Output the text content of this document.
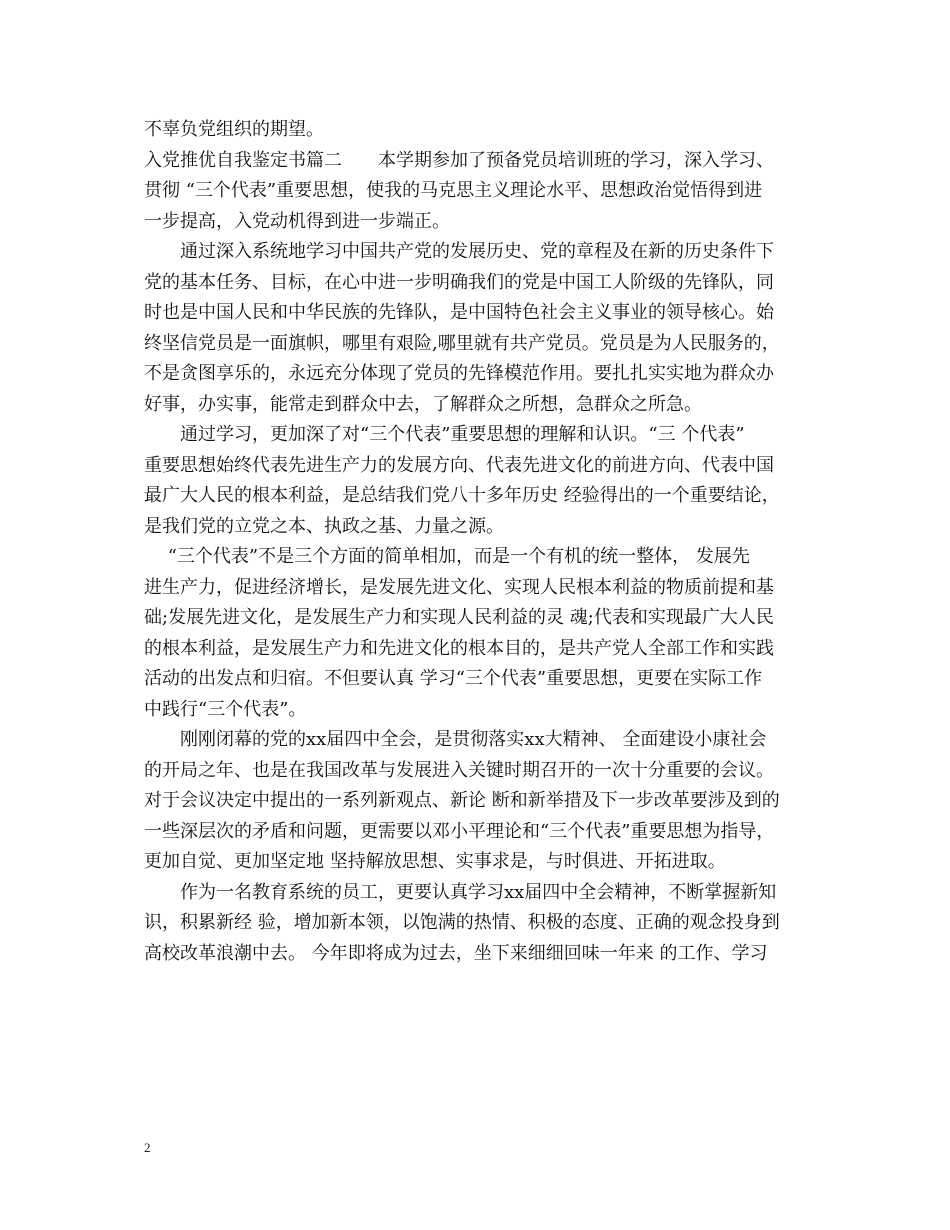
不辜负党组织的期望。

入党推优自我鉴定书篇二　　本学期参加了预备党员培训班的学习，深入学习、

贯彻 “三个代表”重要思想，使我的马克思主义理论水平、思想政治觉悟得到进

一步提高，入党动机得到进一步端正。

　　通过深入系统地学习中国共产党的发展历史、党的章程及在新的历史条件下

党的基本任务、目标，在心中进一步明确我们的党是中国工人阶级的先锋队，同

时也是中国人民和中华民族的先锋队，是中国特色社会主义事业的领导核心。始

终坚信党员是一面旗帜，哪里有艰险,哪里就有共产党员。党员是为人民服务的，

不是贪图享乐的，永远充分体现了党员的先锋模范作用。要扎扎实实地为群众办

好事，办实事，能常走到群众中去，了解群众之所想，急群众之所急。

　　通过学习，更加深了对“三个代表”重要思想的理解和认识。“三 个代表”

重要思想始终代表先进生产力的发展方向、代表先进文化的前进方向、代表中国

最广大人民的根本利益，是总结我们党八十多年历史 经验得出的一个重要结论，

是我们党的立党之本、执政之基、力量之源。

　 “三个代表”不是三个方面的简单相加，而是一个有机的统一整体， 发展先

进生产力，促进经济增长，是发展先进文化、实现人民根本利益的物质前提和基

础;发展先进文化，是发展生产力和实现人民利益的灵 魂;代表和实现最广大人民

的根本利益，是发展生产力和先进文化的根本目的，是共产党人全部工作和实践

活动的出发点和归宿。不但要认真 学习“三个代表”重要思想，更要在实际工作

中践行“三个代表”。

　　刚刚闭幕的党的xx届四中全会，是贯彻落实xx大精神、 全面建设小康社会

的开局之年、也是在我国改革与发展进入关键时期召开的一次十分重要的会议。

对于会议决定中提出的一系列新观点、新论 断和新举措及下一步改革要涉及到的

一些深层次的矛盾和问题，更需要以邓小平理论和“三个代表”重要思想为指导，

更加自觉、更加坚定地 坚持解放思想、实事求是，与时俱进、开拓进取。

　　作为一名教育系统的员工，更要认真学习xx届四中全会精神，不断掌握新知

识，积累新经 验，增加新本领，以饱满的热情、积极的态度、正确的观念投身到

高校改革浪潮中去。 今年即将成为过去，坐下来细细回味一年来 的工作、学习

2
